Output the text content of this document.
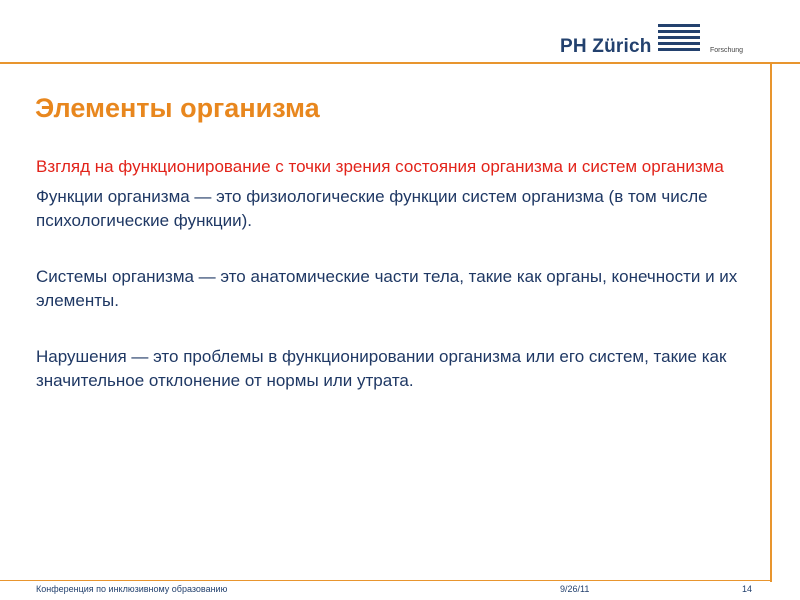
PH Zürich	Forschung
Элементы организма

Взгляд на функционирование с точки зрения состояния организма и систем организма

Функции организма — это физиологические функции систем организма (в том числе психологические функции).

Системы организма — это анатомические части тела, такие как органы, конечности и их элементы.

Нарушения — это проблемы в функционировании организма или его систем, такие как значительное отклонение от нормы или утрата.

Конференция по инклюзивному образованию	9/26/11	14
